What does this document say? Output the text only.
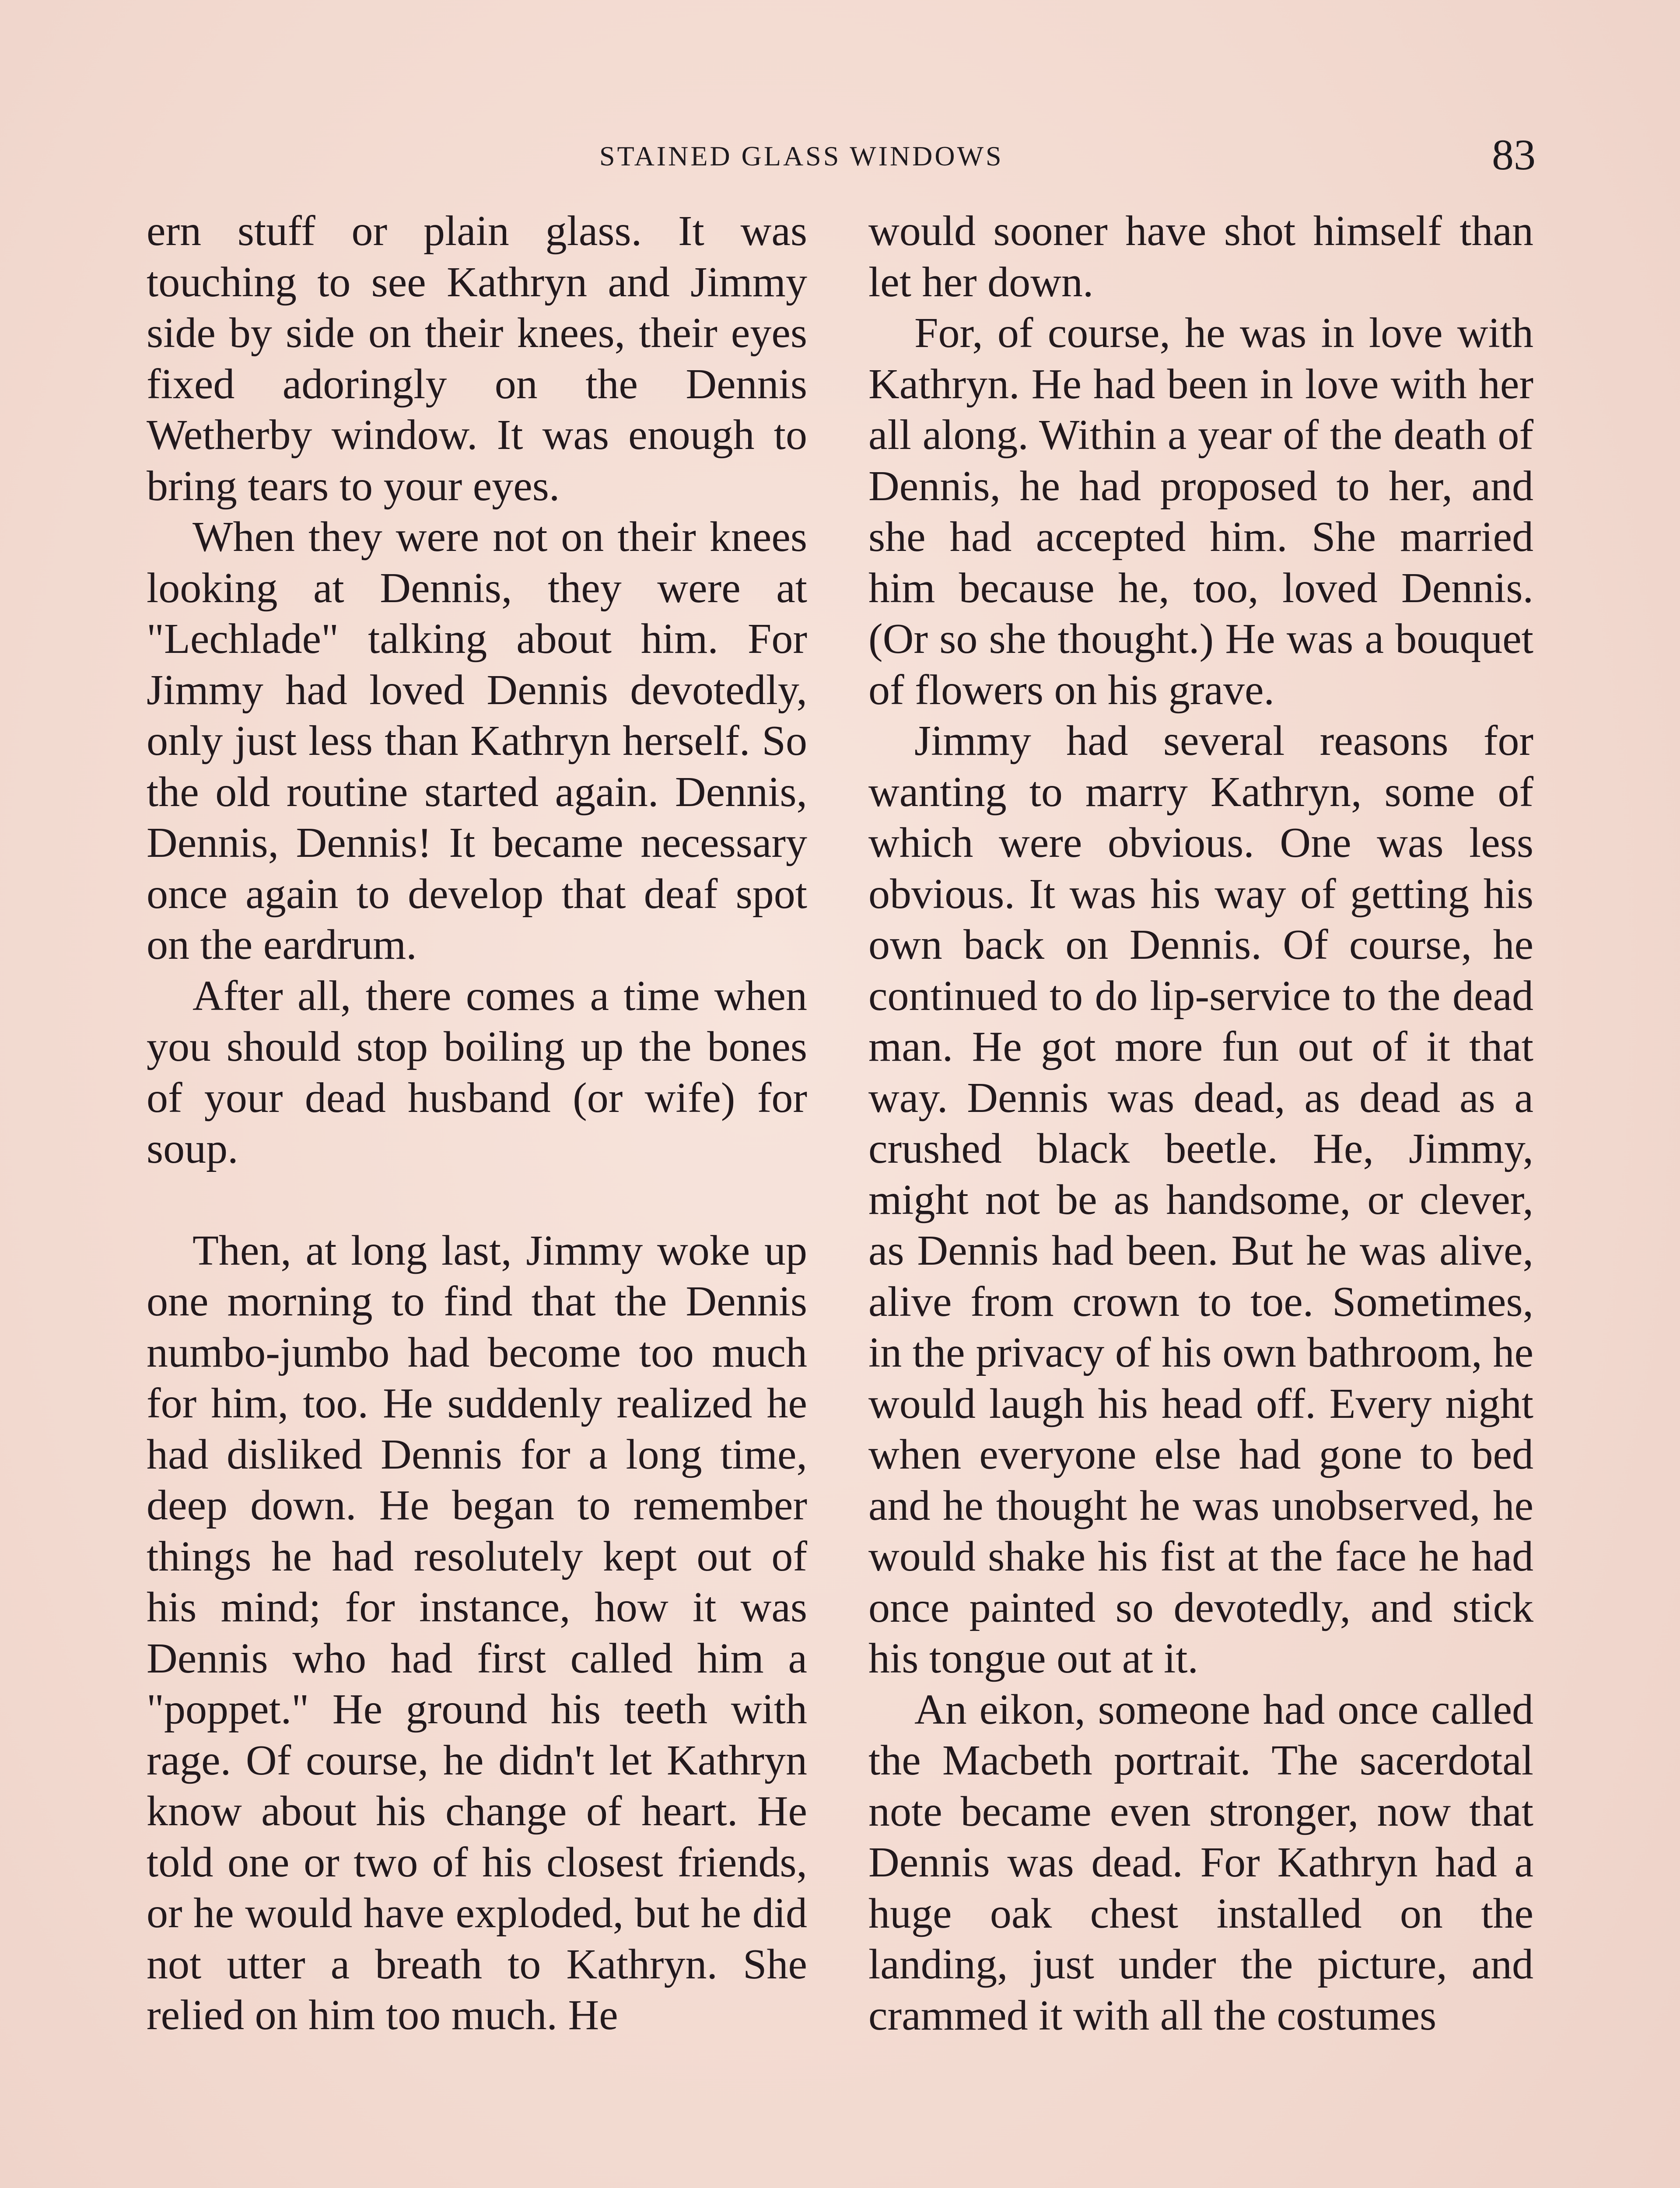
STAINED GLASS WINDOWS	83

ern stuff or plain glass. It was touching to see Kathryn and Jimmy side by side on their knees, their eyes fixed adoringly on the Dennis Wetherby window. It was enough to bring tears to your eyes.

When they were not on their knees looking at Dennis, they were at "Lechlade" talking about him. For Jimmy had loved Dennis devotedly, only just less than Kathryn herself. So the old routine started again. Dennis, Dennis, Dennis! It became necessary once again to develop that deaf spot on the eardrum.

After all, there comes a time when you should stop boiling up the bones of your dead husband (or wife) for soup.

Then, at long last, Jimmy woke up one morning to find that the Dennis numbo-jumbo had become too much for him, too. He suddenly realized he had disliked Dennis for a long time, deep down. He began to remember things he had resolutely kept out of his mind; for instance, how it was Dennis who had first called him a "poppet." He ground his teeth with rage. Of course, he didn't let Kathryn know about his change of heart. He told one or two of his closest friends, or he would have exploded, but he did not utter a breath to Kathryn. She relied on him too much. He

would sooner have shot himself than let her down.

For, of course, he was in love with Kathryn. He had been in love with her all along. Within a year of the death of Dennis, he had proposed to her, and she had accepted him. She married him because he, too, loved Dennis. (Or so she thought.) He was a bouquet of flowers on his grave.

Jimmy had several reasons for wanting to marry Kathryn, some of which were obvious. One was less obvious. It was his way of getting his own back on Dennis. Of course, he continued to do lip-service to the dead man. He got more fun out of it that way. Dennis was dead, as dead as a crushed black beetle. He, Jimmy, might not be as handsome, or clever, as Dennis had been. But he was alive, alive from crown to toe. Sometimes, in the privacy of his own bathroom, he would laugh his head off. Every night when everyone else had gone to bed and he thought he was unobserved, he would shake his fist at the face he had once painted so devotedly, and stick his tongue out at it.

An eikon, someone had once called the Macbeth portrait. The sacerdotal note became even stronger, now that Dennis was dead. For Kathryn had a huge oak chest installed on the landing, just under the picture, and crammed it with all the costumes
